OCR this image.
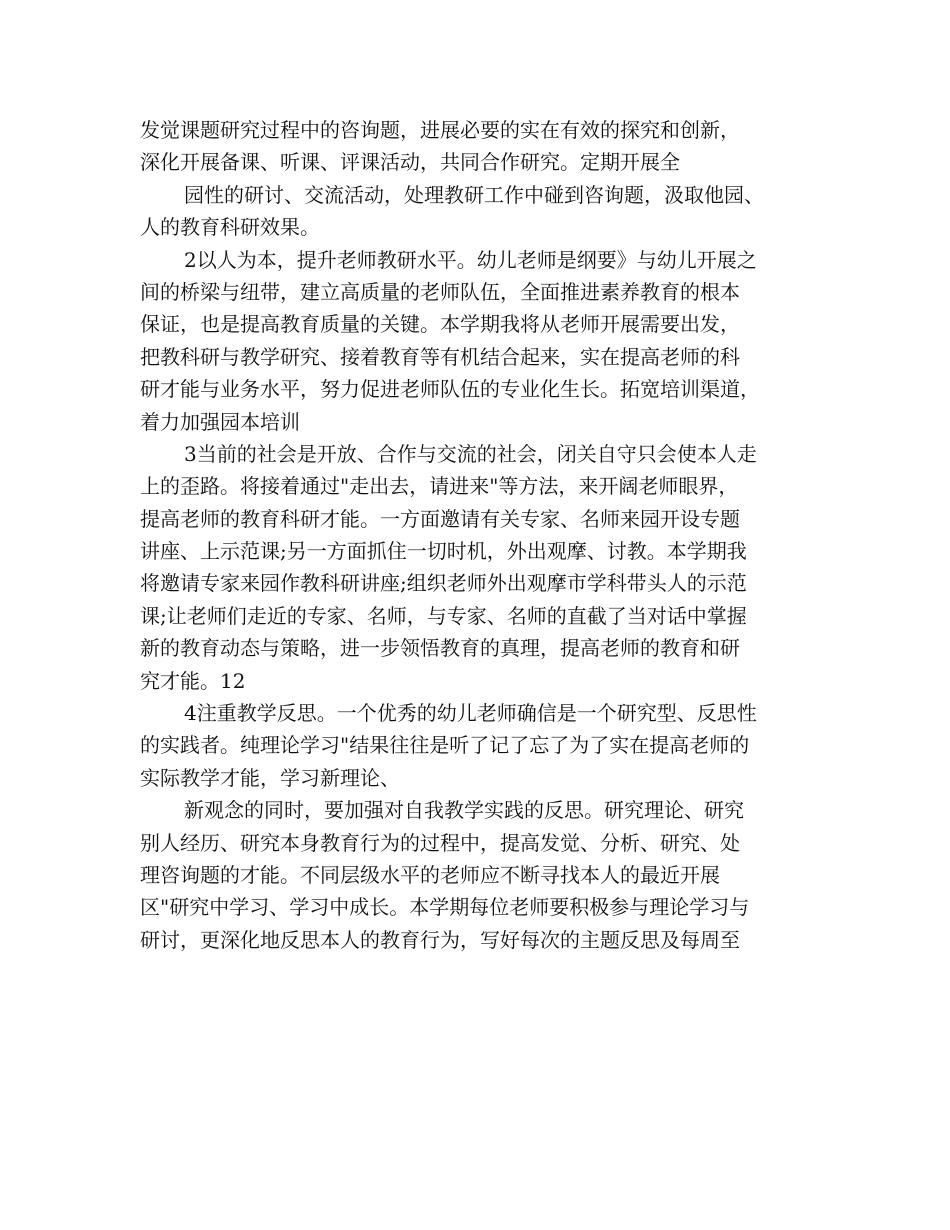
发觉课题研究过程中的咨询题，进展必要的实在有效的探究和创新，
深化开展备课、听课、评课活动，共同合作研究。定期开展全
园性的研讨、交流活动，处理教研工作中碰到咨询题，汲取他园、
人的教育科研效果。
2以人为本，提升老师教研水平。幼儿老师是纲要》与幼儿开展之
间的桥梁与纽带，建立高质量的老师队伍，全面推进素养教育的根本
保证，也是提高教育质量的关键。本学期我将从老师开展需要出发，
把教科研与教学研究、接着教育等有机结合起来，实在提高老师的科
研才能与业务水平，努力促进老师队伍的专业化生长。拓宽培训渠道，
着力加强园本培训
3当前的社会是开放、合作与交流的社会，闭关自守只会使本人走
上的歪路。将接着通过"走出去，请进来"等方法，来开阔老师眼界，
提高老师的教育科研才能。一方面邀请有关专家、名师来园开设专题
讲座、上示范课;另一方面抓住一切时机，外出观摩、讨教。本学期我
将邀请专家来园作教科研讲座;组织老师外出观摩市学科带头人的示范
课;让老师们走近的专家、名师，与专家、名师的直截了当对话中掌握
新的教育动态与策略，进一步领悟教育的真理，提高老师的教育和研
究才能。12
4注重教学反思。一个优秀的幼儿老师确信是一个研究型、反思性
的实践者。纯理论学习"结果往往是听了记了忘了为了实在提高老师的
实际教学才能，学习新理论、
新观念的同时，要加强对自我教学实践的反思。研究理论、研究
别人经历、研究本身教育行为的过程中，提高发觉、分析、研究、处
理咨询题的才能。不同层级水平的老师应不断寻找本人的最近开展
区"研究中学习、学习中成长。本学期每位老师要积极参与理论学习与
研讨，更深化地反思本人的教育行为，写好每次的主题反思及每周至
